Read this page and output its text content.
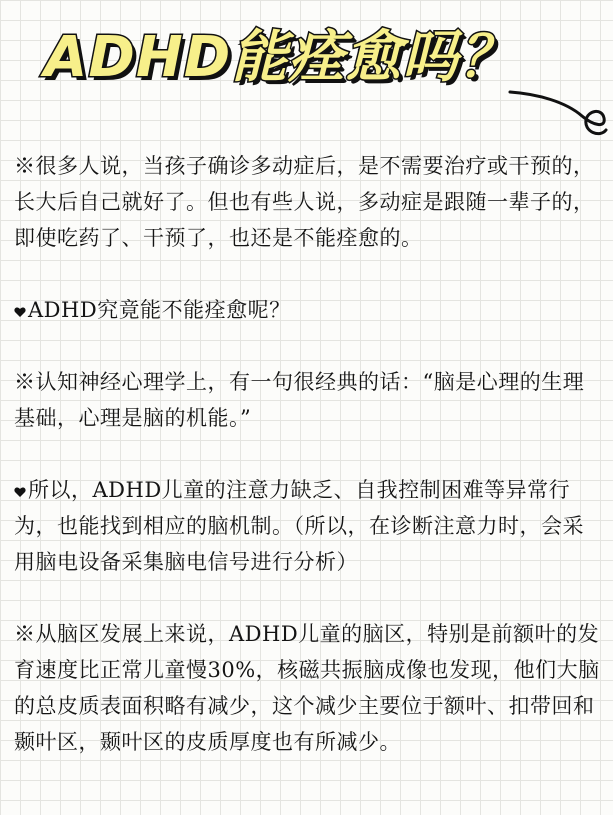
ADHD能痊愈吗？

※很多人说，当孩子确诊多动症后，是不需要治疗或干预的，长大后自己就好了。但也有些人说，多动症是跟随一辈子的，即使吃药了、干预了，也还是不能痊愈的。

ADHD究竟能不能痊愈呢？

※认知神经心理学上，有一句很经典的话：“脑是心理的生理基础，心理是脑的机能。”

所以，ADHD儿童的注意力缺乏、自我控制困难等异常行为，也能找到相应的脑机制。（所以，在诊断注意力时，会采用脑电设备采集脑电信号进行分析）

※从脑区发展上来说，ADHD儿童的脑区，特别是前额叶的发育速度比正常儿童慢30%，核磁共振脑成像也发现，他们大脑的总皮质表面积略有减少，这个减少主要位于额叶、扣带回和颞叶区，颞叶区的皮质厚度也有所减少。
